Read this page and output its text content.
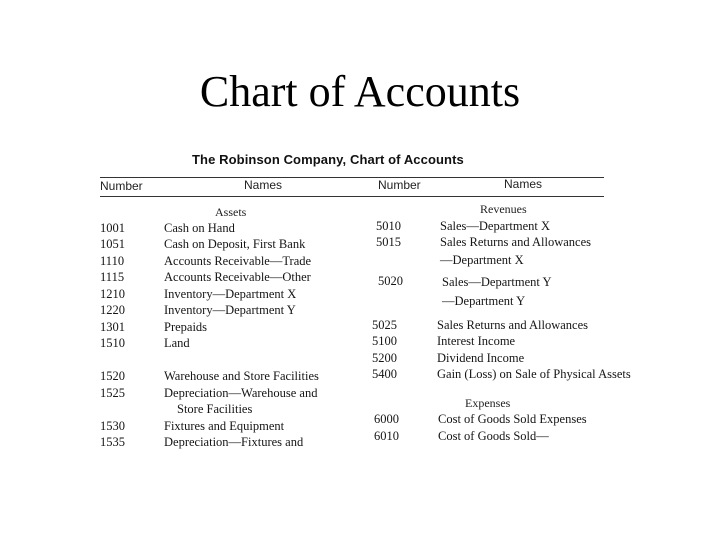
Chart of Accounts
The Robinson Company, Chart of Accounts
Number	Names	Number	Names
Assets	Revenues
1001	Cash on Hand
1051	Cash on Deposit, First Bank
1110	Accounts Receivable—Trade
1115	Accounts Receivable—Other
1210	Inventory—Department X
1220	Inventory—Department Y
1301	Prepaids
1510	Land
1520	Warehouse and Store Facilities
1525	Depreciation—Warehouse and
Store Facilities
1530	Fixtures and Equipment
1535	Depreciation—Fixtures and
5010	Sales—Department X
5015	Sales Returns and Allowances
—Department X
5020	Sales—Department Y
—Department Y
5025	Sales Returns and Allowances
5100	Interest Income
5200	Dividend Income
5400	Gain (Loss) on Sale of Physical Assets
Expenses
6000	Cost of Goods Sold Expenses
6010	Cost of Goods Sold—
